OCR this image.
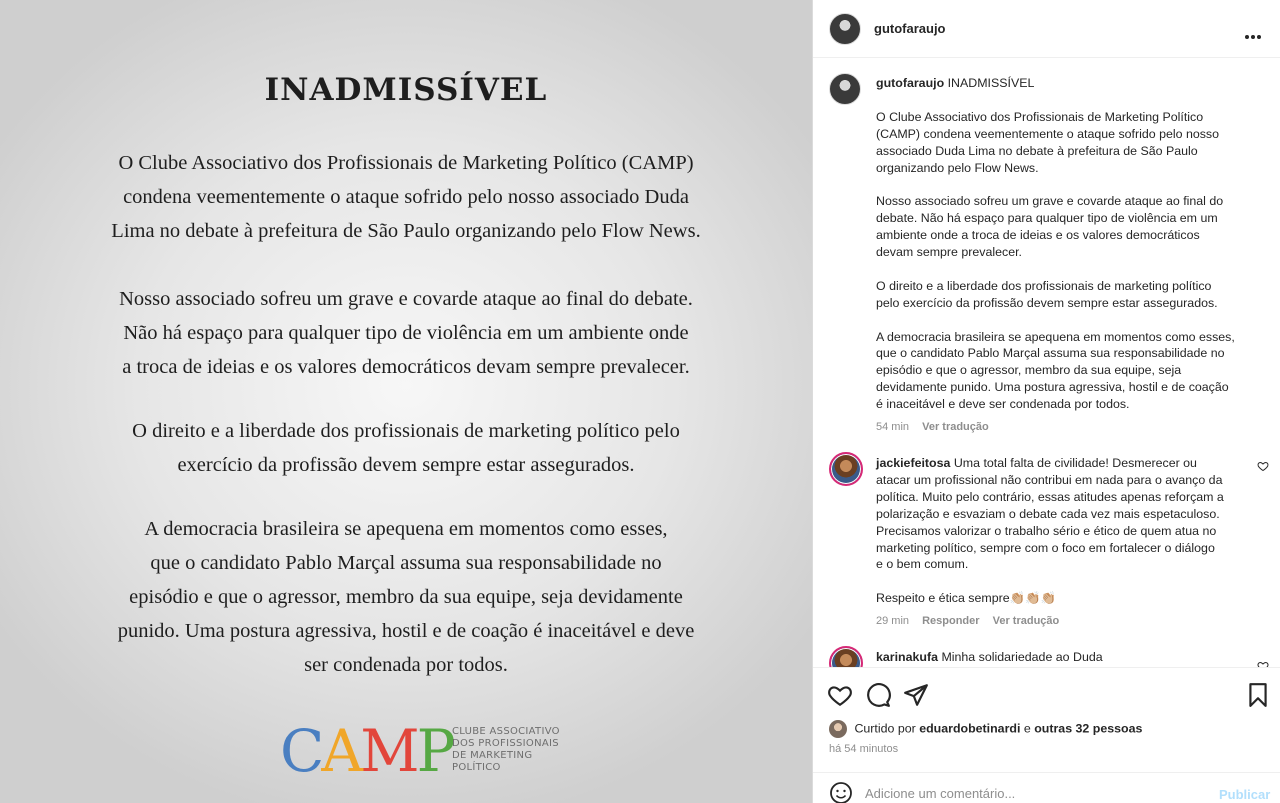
INADMISSÍVEL
O Clube Associativo dos Profissionais de Marketing Político (CAMP)
condena veementemente o ataque sofrido pelo nosso associado Duda
Lima no debate à prefeitura de São Paulo organizando pelo Flow News.
Nosso associado sofreu um grave e covarde ataque ao final do debate.
Não há espaço para qualquer tipo de violência em um ambiente onde
a troca de ideias e os valores democráticos devam sempre prevalecer.
O direito e a liberdade dos profissionais de marketing político pelo
exercício da profissão devem sempre estar assegurados.
A democracia brasileira se apequena em momentos como esses,
que o candidato Pablo Marçal assuma sua responsabilidade no
episódio e que o agressor, membro da sua equipe, seja devidamente
punido. Uma postura agressiva, hostil e de coação é inaceitável e deve
ser condenada por todos.
CAMP CLUBE ASSOCIATIVO
DOS PROFISSIONAIS
DE MARKETING
POLÍTICO
gutofaraujo

gutofaraujo INADMISSÍVEL

O Clube Associativo dos Profissionais de Marketing Político
(CAMP) condena veementemente o ataque sofrido pelo nosso
associado Duda Lima no debate à prefeitura de São Paulo
organizando pelo Flow News.

Nosso associado sofreu um grave e covarde ataque ao final do
debate. Não há espaço para qualquer tipo de violência em um
ambiente onde a troca de ideias e os valores democráticos
devam sempre prevalecer.

O direito e a liberdade dos profissionais de marketing político
pelo exercício da profissão devem sempre estar assegurados.

A democracia brasileira se apequena em momentos como esses,
que o candidato Pablo Marçal assuma sua responsabilidade no
episódio e que o agressor, membro da sua equipe, seja
devidamente punido. Uma postura agressiva, hostil e de coação
é inaceitável e deve ser condenada por todos.

54 min Ver tradução
jackiefeitosa Uma total falta de civilidade! Desmerecer ou
atacar um profissional não contribui em nada para o avanço da
política. Muito pelo contrário, essas atitudes apenas reforçam a
polarização e esvaziam o debate cada vez mais espetaculoso.
Precisamos valorizar o trabalho sério e ético de quem atua no
marketing político, sempre com o foco em fortalecer o diálogo
e o bem comum.

Respeito e ética sempre👏🏼👏🏼👏🏼
29 min Responder Ver tradução
karinakufa Minha solidariedade ao Duda
Curtido por eduardobetinardi e outras 32 pessoas
há 54 minutos
Adicione um comentário...
Publicar
